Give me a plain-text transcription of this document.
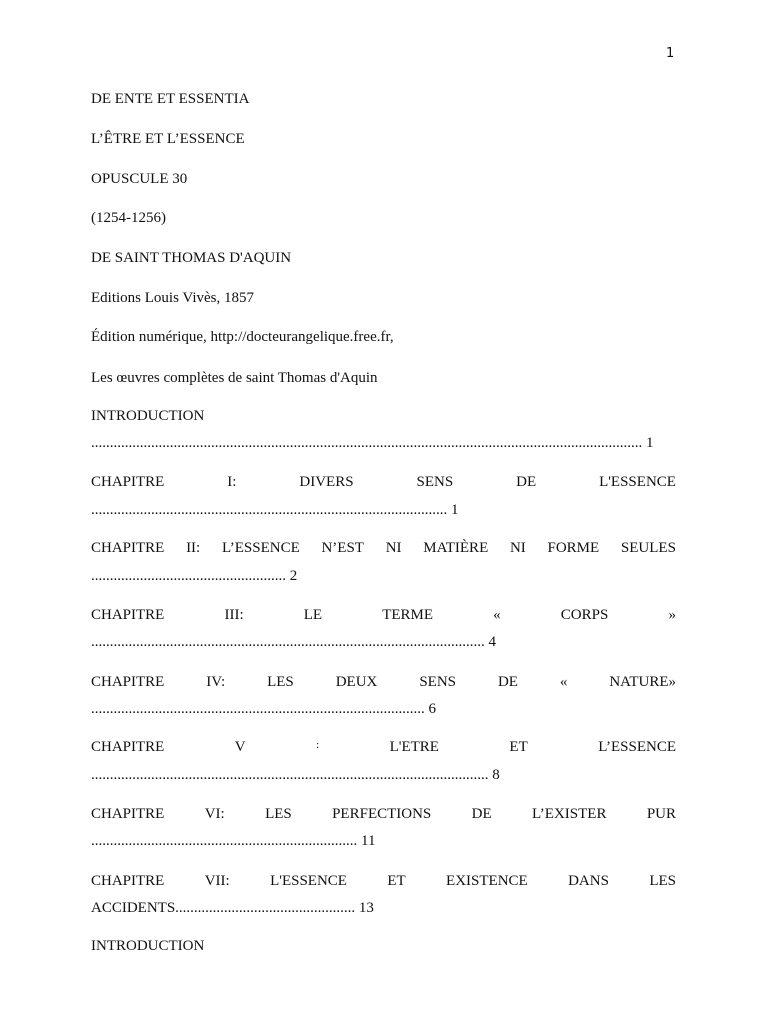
1
DE ENTE ET ESSENTIA
L’ÊTRE ET L’ESSENCE
OPUSCULE 30
(1254-1256)
DE SAINT THOMAS D'AQUIN
Editions Louis Vivès, 1857
Édition numérique, http://docteurangelique.free.fr,
Les œuvres complètes de saint Thomas d'Aquin
INTRODUCTION
................................................................................................................................................... 1
CHAPITRE	I:	DIVERS	SENS	DE	L'ESSENCE
............................................................................................... 1
CHAPITRE II: L’ESSENCE N’EST NI MATIÈRE NI FORME SEULES
.................................................... 2
CHAPITRE	III:	LE	TERME	«	CORPS	»
......................................................................................................... 4
CHAPITRE	IV:	LES	DEUX	SENS	DE	«	NATURE»
......................................................................................... 6
CHAPITRE	V	:	L'ETRE	ET	L’ESSENCE
.......................................................................................................... 8
CHAPITRE	VI:	LES	PERFECTIONS	DE	L’EXISTER	PUR
....................................................................... 11
CHAPITRE	VII:	L'ESSENCE	ET	EXISTENCE	DANS	LES
ACCIDENTS................................................ 13
INTRODUCTION
